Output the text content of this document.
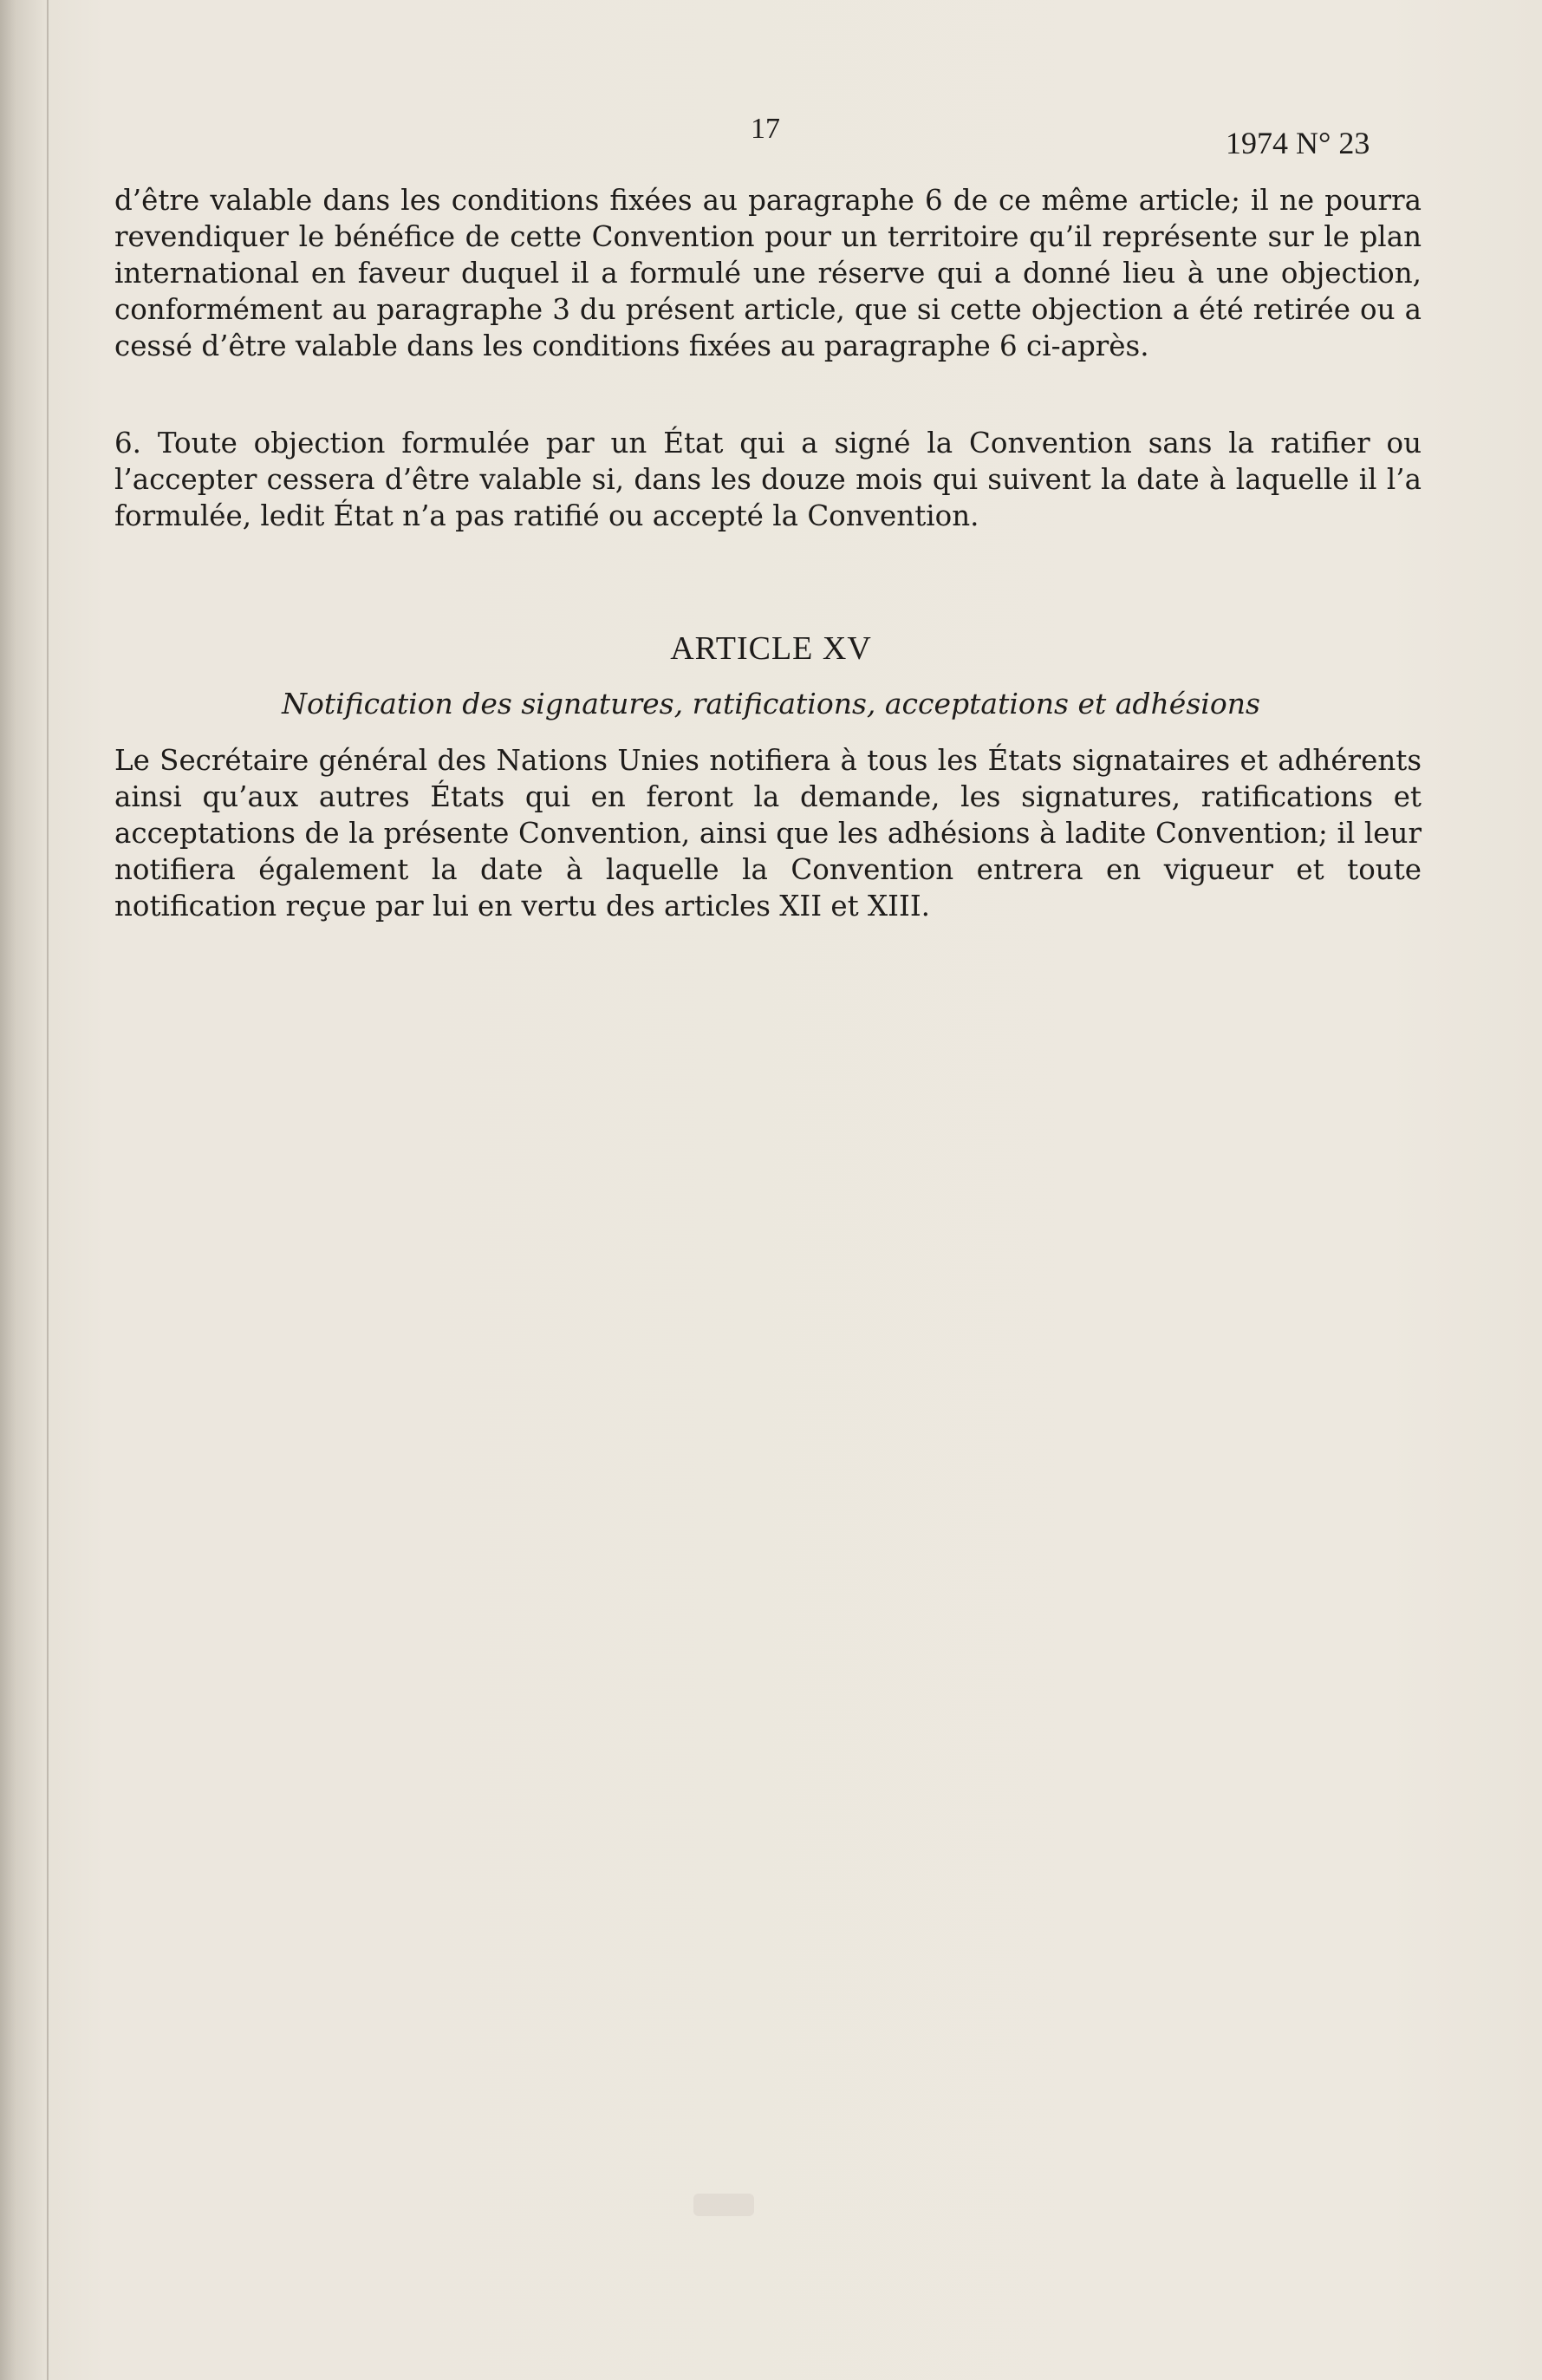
17	1974 N° 23
d’être valable dans les conditions fixées au paragraphe 6 de ce même article; il ne pourra revendiquer le bénéfice de cette Convention pour un territoire qu’il représente sur le plan international en faveur duquel il a formulé une réserve qui a donné lieu à une objection, conformément au paragraphe 3 du présent article, que si cette objection a été retirée ou a cessé d’être valable dans les conditions fixées au paragraphe 6 ci-après.
6. Toute objection formulée par un État qui a signé la Convention sans la ratifier ou l’accepter cessera d’être valable si, dans les douze mois qui suivent la date à laquelle il l’a formulée, ledit État n’a pas ratifié ou accepté la Convention.
ARTICLE XV
Notification des signatures, ratifications, acceptations et adhésions
Le Secrétaire général des Nations Unies notifiera à tous les États signataires et adhérents ainsi qu’aux autres États qui en feront la demande, les signatures, ratifications et acceptations de la présente Convention, ainsi que les adhésions à ladite Convention; il leur notifiera également la date à laquelle la Convention entrera en vigueur et toute notification reçue par lui en vertu des articles XII et XIII.
